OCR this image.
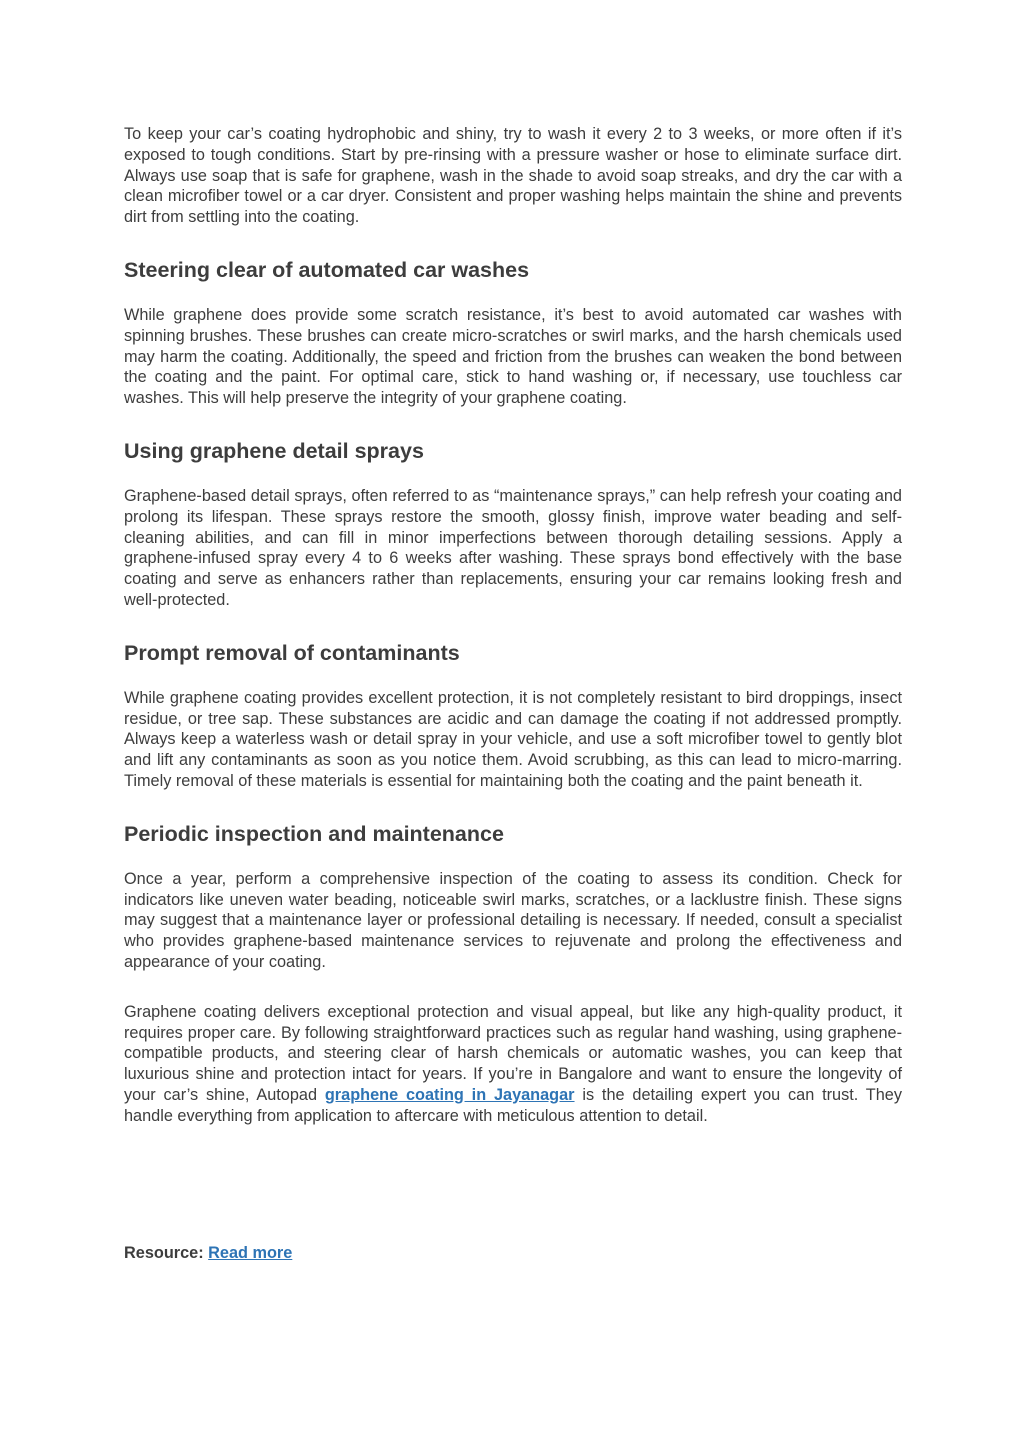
To keep your car’s coating hydrophobic and shiny, try to wash it every 2 to 3 weeks, or more often if it’s exposed to tough conditions. Start by pre-rinsing with a pressure washer or hose to eliminate surface dirt. Always use soap that is safe for graphene, wash in the shade to avoid soap streaks, and dry the car with a clean microfiber towel or a car dryer. Consistent and proper washing helps maintain the shine and prevents dirt from settling into the coating.

Steering clear of automated car washes

While graphene does provide some scratch resistance, it’s best to avoid automated car washes with spinning brushes. These brushes can create micro-scratches or swirl marks, and the harsh chemicals used may harm the coating. Additionally, the speed and friction from the brushes can weaken the bond between the coating and the paint. For optimal care, stick to hand washing or, if necessary, use touchless car washes. This will help preserve the integrity of your graphene coating.

Using graphene detail sprays

Graphene-based detail sprays, often referred to as “maintenance sprays,” can help refresh your coating and prolong its lifespan. These sprays restore the smooth, glossy finish, improve water beading and self-cleaning abilities, and can fill in minor imperfections between thorough detailing sessions. Apply a graphene-infused spray every 4 to 6 weeks after washing. These sprays bond effectively with the base coating and serve as enhancers rather than replacements, ensuring your car remains looking fresh and well-protected.

Prompt removal of contaminants

While graphene coating provides excellent protection, it is not completely resistant to bird droppings, insect residue, or tree sap. These substances are acidic and can damage the coating if not addressed promptly. Always keep a waterless wash or detail spray in your vehicle, and use a soft microfiber towel to gently blot and lift any contaminants as soon as you notice them. Avoid scrubbing, as this can lead to micro-marring. Timely removal of these materials is essential for maintaining both the coating and the paint beneath it.

Periodic inspection and maintenance

Once a year, perform a comprehensive inspection of the coating to assess its condition. Check for indicators like uneven water beading, noticeable swirl marks, scratches, or a lacklustre finish. These signs may suggest that a maintenance layer or professional detailing is necessary. If needed, consult a specialist who provides graphene-based maintenance services to rejuvenate and prolong the effectiveness and appearance of your coating.

Graphene coating delivers exceptional protection and visual appeal, but like any high-quality product, it requires proper care. By following straightforward practices such as regular hand washing, using graphene-compatible products, and steering clear of harsh chemicals or automatic washes, you can keep that luxurious shine and protection intact for years. If you’re in Bangalore and want to ensure the longevity of your car’s shine, Autopad graphene coating in Jayanagar is the detailing expert you can trust. They handle everything from application to aftercare with meticulous attention to detail.

Resource: Read more
